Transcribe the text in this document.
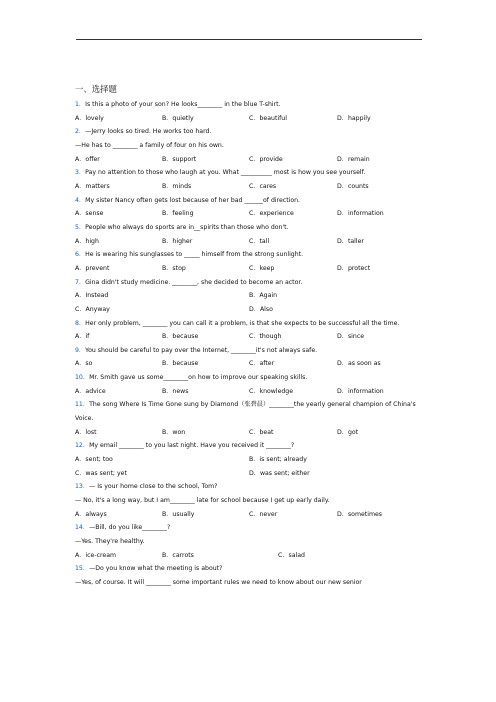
一、选择题
1．Is this a photo of your son? He looks________ in the blue T-shirt.
A．lovely	B．quietly	C．beautiful	D．happily
2．—Jerry looks so tired. He works too hard.
—He has to ________ a family of four on his own.
A．offer	B．support	C．provide	D．remain
3．Pay no attention to those who laugh at you. What __________ most is how you see yourself.
A．matters	B．minds	C．cares	D．counts
4．My sister Nancy often gets lost because of her bad ______of direction.
A．sense	B．feeling	C．experience	D．information
5．People who always do sports are in__spirits than those who don't.
A．high	B．higher	C．tall	D．taller
6．He is wearing his sunglasses to _____ himself from the strong sunlight.
A．prevent	B．stop	C．keep	D．protect
7．Gina didn't study medicine. ________, she decided to become an actor.
A．Instead	B．Again
C．Anyway	D．Also
8．Her only problem, ________ you can call it a problem, is that she expects to be successful all the time.
A．if	B．because	C．though	D．since
9．You should be careful to pay over the Internet, ________it's not always safe.
A．so	B．because	C．after	D．as soon as
10．Mr. Smith gave us some________on how to improve our speaking skills.
A．advice	B．news	C．knowledge	D．information
11．The song Where Is Time Gone sung by Diamond（张碧晨）________the yearly general champion of China's Voice.
A．lost	B．won	C．beat	D．got
12．My email ________ to you last night. Have you received it ________?
A．sent; too	B．is sent; already
C．was sent; yet	D．was sent; either
13．— Is your home close to the school, Tom?
— No, it's a long way, but I am________ late for school because I get up early daily.
A．always	B．usually	C．never	D．sometimes
14．—Bill, do you like________?
—Yes. They're healthy.
A．ice-cream	B．carrots	C．salad
15．—Do you know what the meeting is about?
—Yes, of course. It will ________ some important rules we need to know about our new senior
